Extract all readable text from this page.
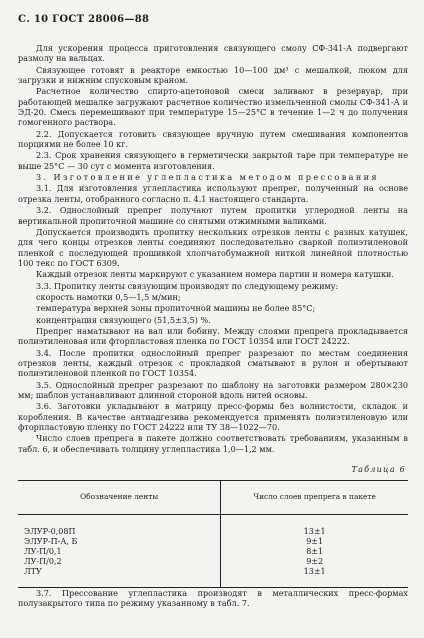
С. 10 ГОСТ 28006—88

Для ускорения процесса приготовления связующего смолу СФ-341-А подвергают размолу на вальцах.

Связующее готовят в реакторе емкостью 10—100 дм³ с мешалкой, люком для загрузки и нижним спусковым краном.

Расчетное количество спирто-ацетоновой смеси заливают в резервуар, при работающей мешалке загружают расчетное количество измельченной смолы СФ-341-А и ЭД-20. Смесь перемешивают при температуре 15—25°С в течение 1—2 ч до получения гомогенного раствора.

2.2. Допускается готовить связующее вручную путем смешивания компонентов порциями не более 10 кг.

2.3. Срок хранения связующего в герметически закрытой таре при температуре не выше 25°С — 30 сут с момента изготовления.

3. Изготовление углепластика методом прессования

3.1. Для изготовления углепластика используют препрег, полученный на основе отрезка ленты, отобранного согласно п. 4.1 настоящего стандарта.

3.2. Однослойный препрег получают путем пропитки углеродной ленты на вертикальной пропиточной машине со снятыми отжимными валиками.

Допускается производить пропитку нескольких отрезков ленты с разных катушек, для чего концы отрезков ленты соединяют последовательно сваркой полиэтиленовой пленкой с последующей прошивкой хлопчатобумажной ниткой линейной плотностью 100 текс по ГОСТ 6309.

Каждый отрезок ленты маркируют с указанием номера партии и номера катушки.

3.3. Пропитку ленты связующим производят по следующему режиму:

скорость намотки 0,5—1,5 м/мин;

температура верхней зоны пропиточной машины не более 85°С;

концентрация связующего (51,5±3,5) %.

Препрег наматывают на вал или бобину. Между слоями препрега прокладывается полиэтиленовая или фторпластовая пленка по ГОСТ 10354 или ГОСТ 24222.

3.4. После пропитки однослойный препрег разрезают по местам соединения отрезков ленты, каждый отрезок с прокладкой сматывают в рулон и обертывают полиэтиленовой пленкой по ГОСТ 10354.

3.5. Однослойный препрег разрезают по шаблону на заготовки размером 280×230 мм; шаблон устанавливают длинной стороной вдоль нитей основы.

3.6. Заготовки укладывают в матрицу пресс-формы без волнистости, складок и коробления. В качестве антиадгезива рекомендуется применять полиэтиленовую или фторпластовую пленку по ГОСТ 24222 или ТУ 38—1022—70.

Число слоев препрега в пакете должно соответствовать требованиям, указанным в табл. 6, и обеспечивать толщину углепластика 1,0—1,2 мм.

Таблица 6
Обозначение ленты	Число слоев препрега в пакете
ЭЛУР-0,08П	13±1
ЭЛУР-П-А, Б	9±1
ЛУ-П/0,1	8±1
ЛУ-П/0,2	9±2
ЛТУ	13±1

3.7. Прессование углепластика производят в металлических пресс-формах полузакрытого типа по режиму указанному в табл. 7.
